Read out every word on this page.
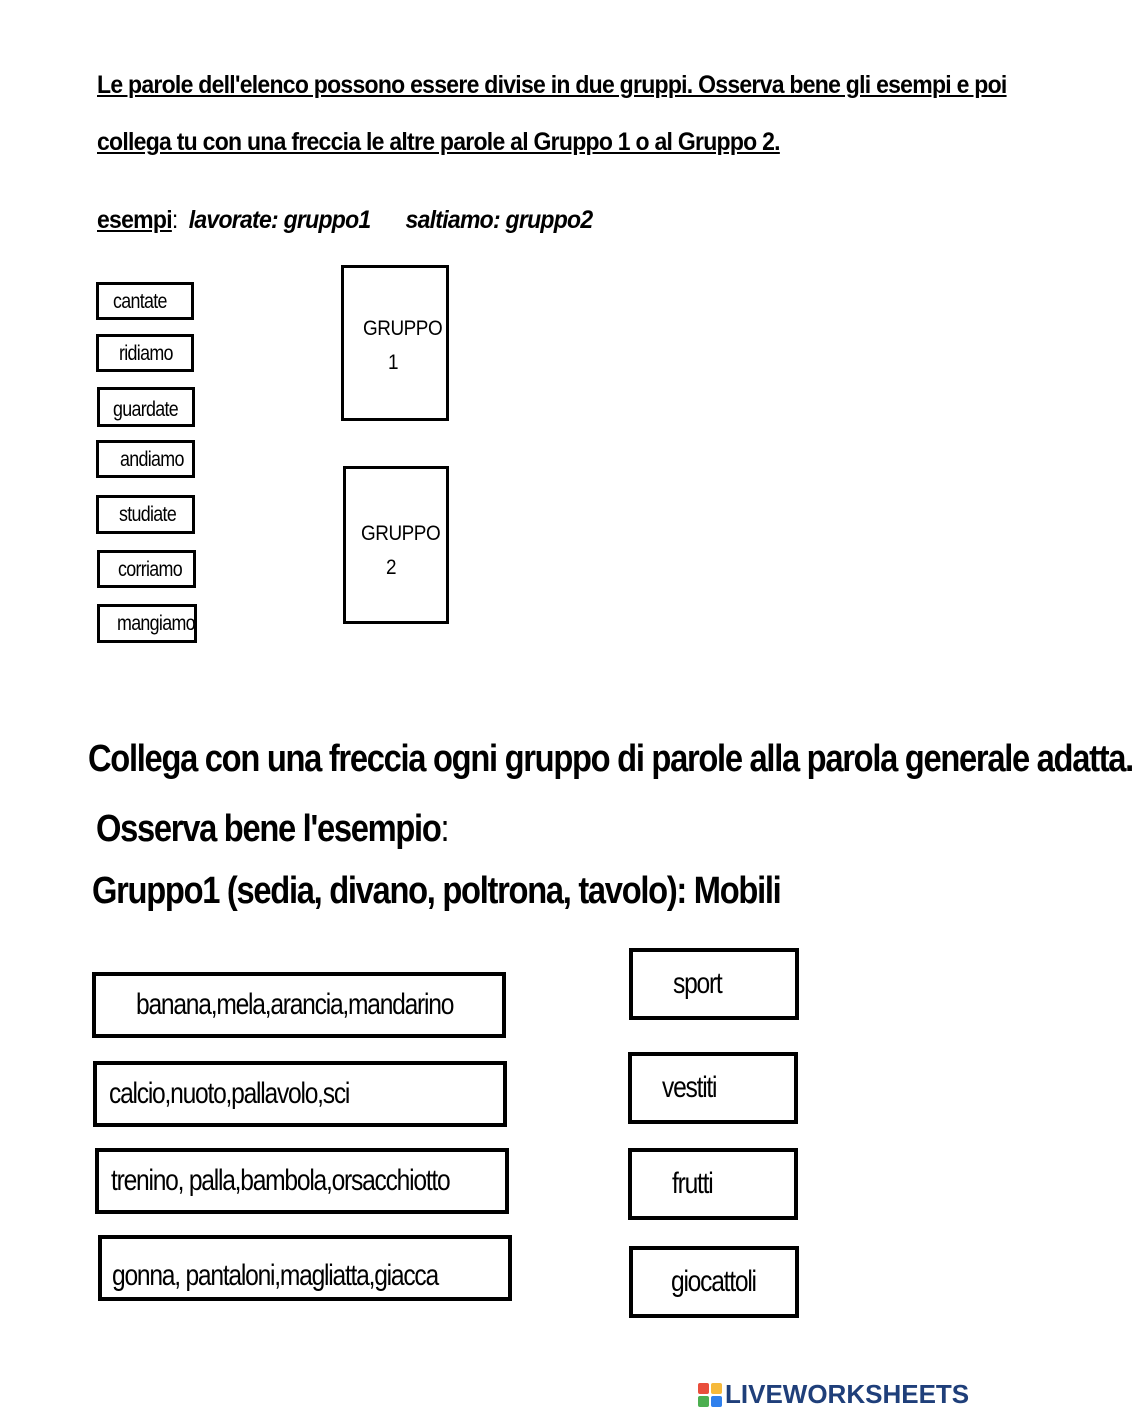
Le parole dell'elenco possono essere divise in due gruppi. Osserva bene gli esempi e poi
collega tu con una freccia le altre parole al Gruppo 1 o al Gruppo 2.
esempi: lavorate: gruppo1 saltiamo: gruppo2
cantate
ridiamo
guardate
andiamo
studiate
corriamo
mangiamo
GRUPPO
1
GRUPPO
2
Collega con una freccia ogni gruppo di parole alla parola generale adatta.
Osserva bene l'esempio:
Gruppo1 (sedia, divano, poltrona, tavolo): Mobili
banana,mela,arancia,mandarino
calcio,nuoto,pallavolo,sci
trenino, palla,bambola,orsacchiotto
gonna, pantaloni,magliatta,giacca
sport
vestiti
frutti
giocattoli
LIVEWORKSHEETS
